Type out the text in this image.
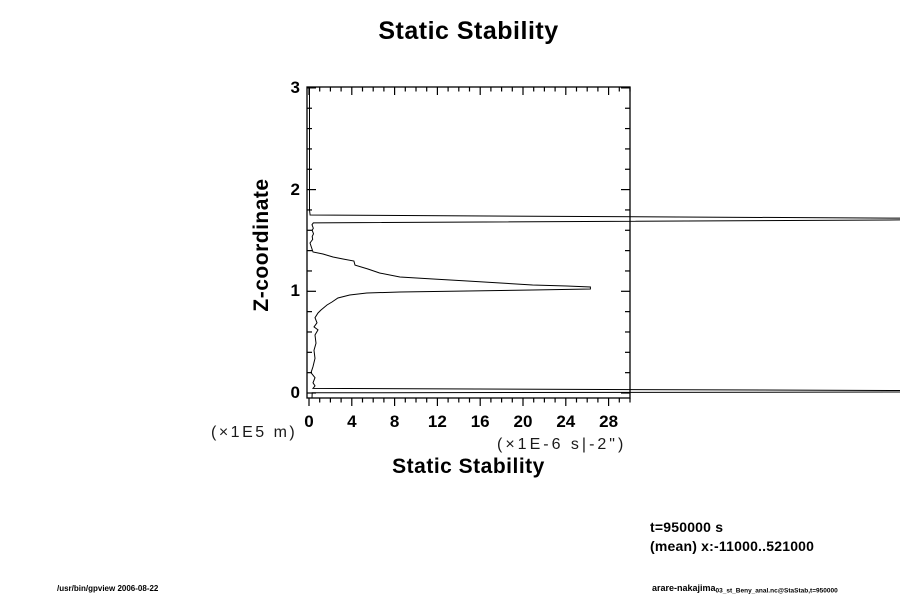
Static Stability
Z-coordinate
(×1E5 m)
(×1E-6 s|-2")
Static Stability
t=950000 s
(mean) x:-11000..521000
/usr/bin/gpview 2006-08-22	arare-nakajima03_st_Beny_anal.nc@StaStab,t=950000
0	4	8	12	16	20	24	28
0
1
2
3
